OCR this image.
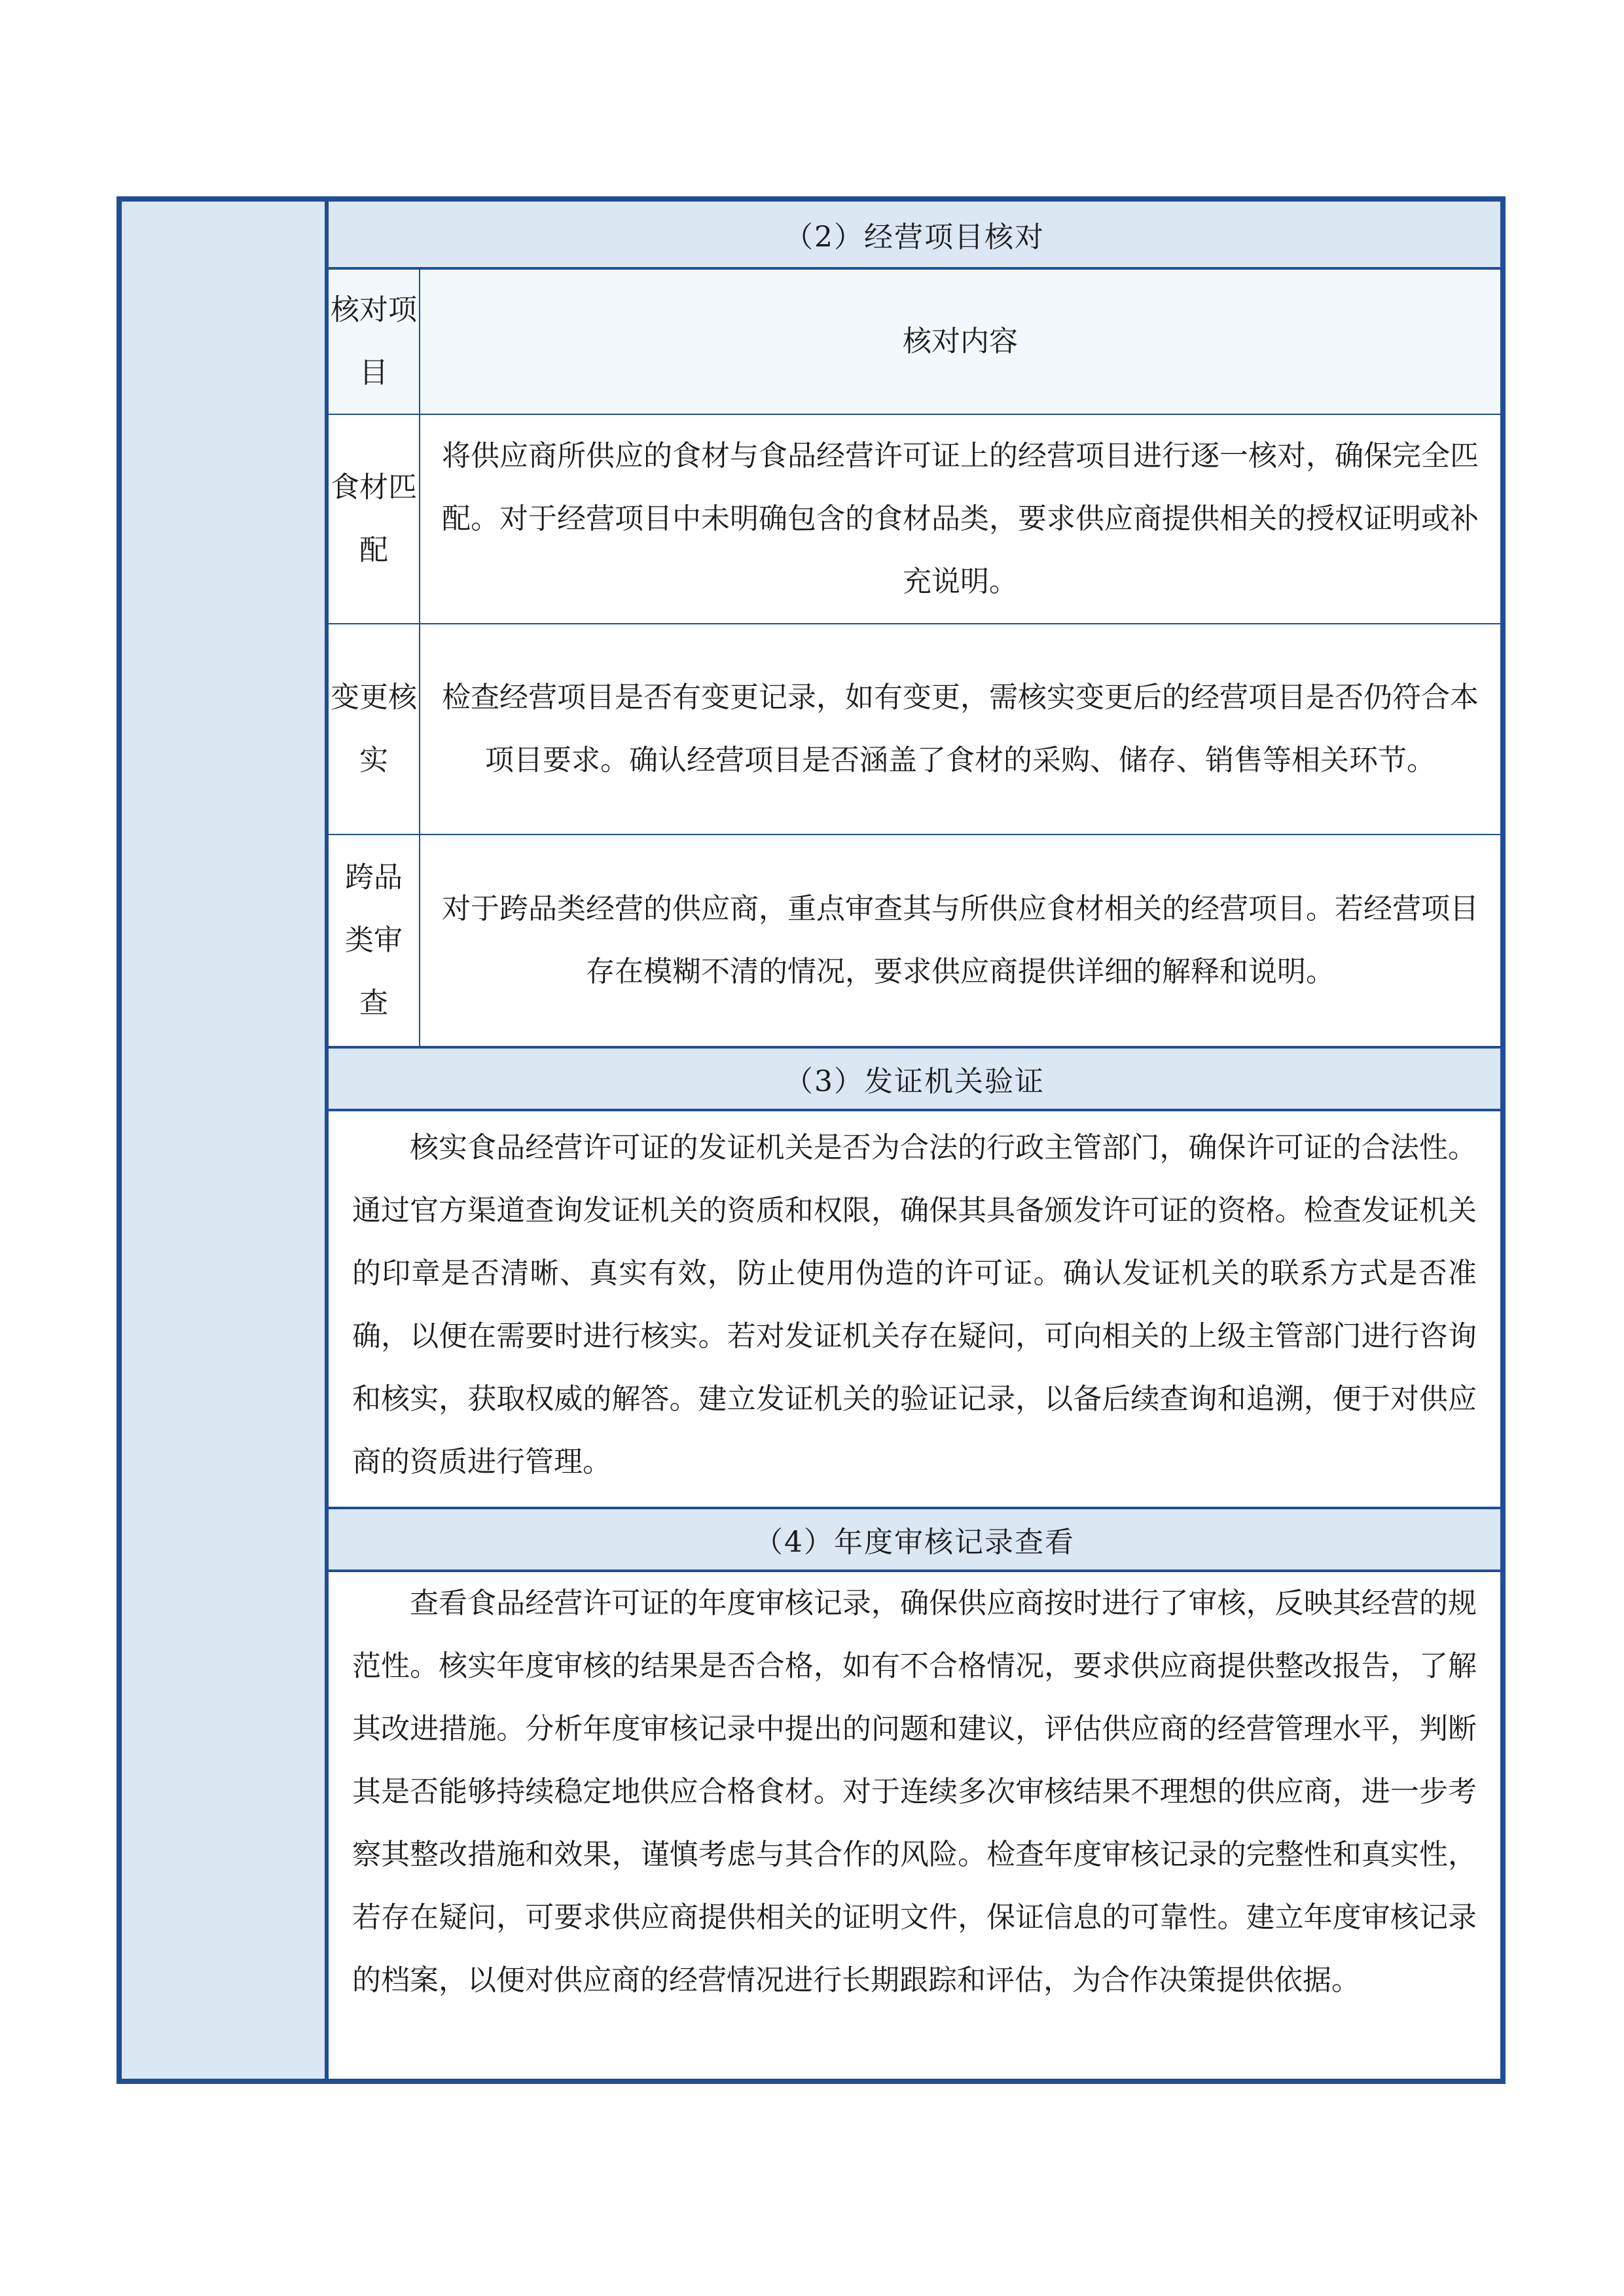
（2）经营项目核对
核对项目
核对内容
食材匹配
将供应商所供应的食材与食品经营许可证上的经营项目进行逐一核对，确保完全匹配。对于经营项目中未明确包含的食材品类，要求供应商提供相关的授权证明或补充说明。
变更核实
检查经营项目是否有变更记录，如有变更，需核实变更后的经营项目是否仍符合本项目要求。确认经营项目是否涵盖了食材的采购、储存、销售等相关环节。
跨品类审查
对于跨品类经营的供应商，重点审查其与所供应食材相关的经营项目。若经营项目存在模糊不清的情况，要求供应商提供详细的解释和说明。
（3）发证机关验证
核实食品经营许可证的发证机关是否为合法的行政主管部门，确保许可证的合法性。通过官方渠道查询发证机关的资质和权限，确保其具备颁发许可证的资格。检查发证机关的印章是否清晰、真实有效，防止使用伪造的许可证。确认发证机关的联系方式是否准确，以便在需要时进行核实。若对发证机关存在疑问，可向相关的上级主管部门进行咨询和核实，获取权威的解答。建立发证机关的验证记录，以备后续查询和追溯，便于对供应商的资质进行管理。
（4）年度审核记录查看
查看食品经营许可证的年度审核记录，确保供应商按时进行了审核，反映其经营的规范性。核实年度审核的结果是否合格，如有不合格情况，要求供应商提供整改报告，了解其改进措施。分析年度审核记录中提出的问题和建议，评估供应商的经营管理水平，判断其是否能够持续稳定地供应合格食材。对于连续多次审核结果不理想的供应商，进一步考察其整改措施和效果，谨慎考虑与其合作的风险。检查年度审核记录的完整性和真实性，若存在疑问，可要求供应商提供相关的证明文件，保证信息的可靠性。建立年度审核记录的档案，以便对供应商的经营情况进行长期跟踪和评估，为合作决策提供依据。
